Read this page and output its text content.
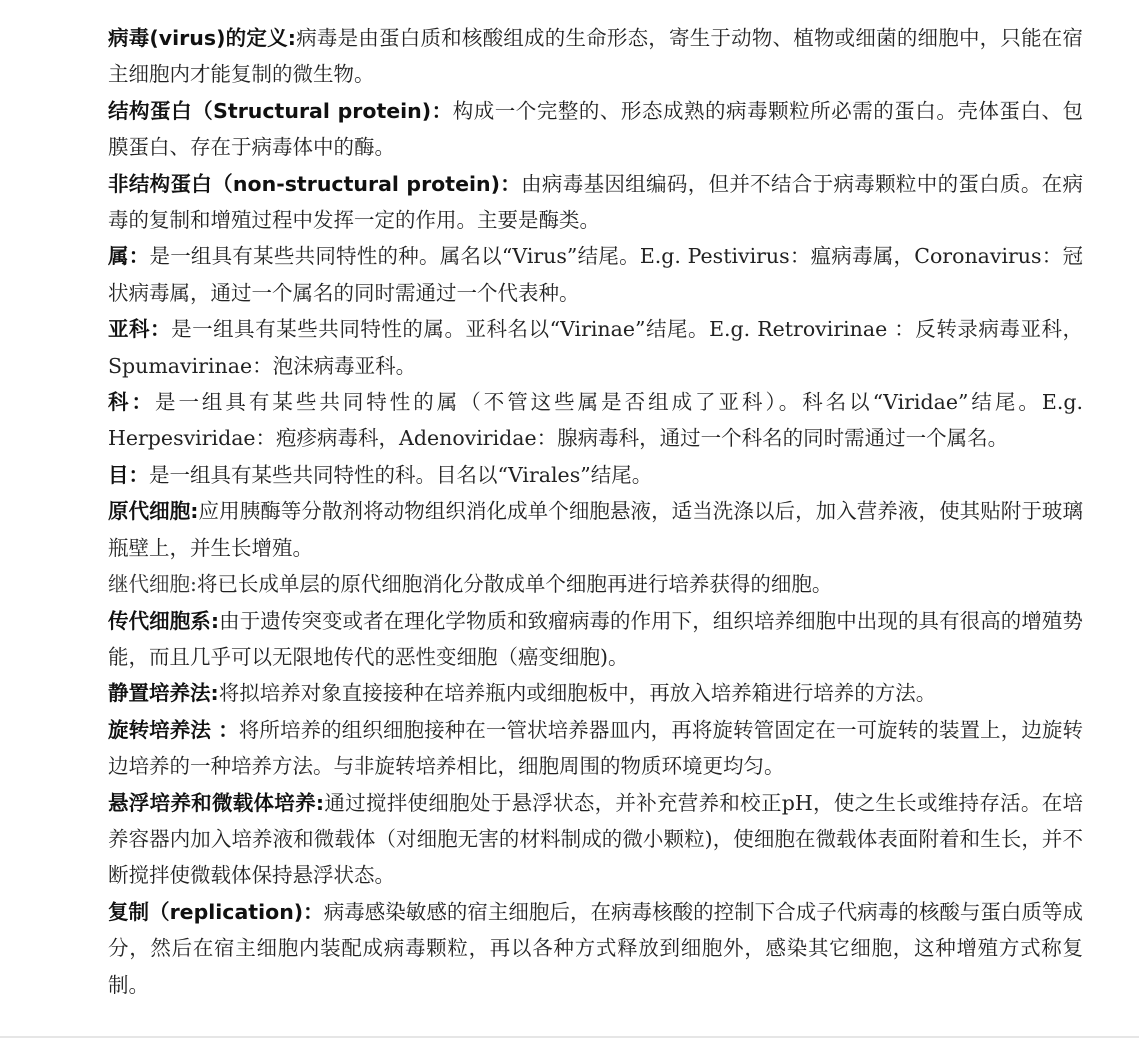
病毒(virus)的定义:病毒是由蛋白质和核酸组成的生命形态，寄生于动物、植物或细菌的细胞中，只能在宿主细胞内才能复制的微生物。

结构蛋白（Structural protein)：构成一个完整的、形态成熟的病毒颗粒所必需的蛋白。壳体蛋白、包膜蛋白、存在于病毒体中的酶。

非结构蛋白（non-structural protein)：由病毒基因组编码，但并不结合于病毒颗粒中的蛋白质。在病毒的复制和增殖过程中发挥一定的作用。主要是酶类。

属：是一组具有某些共同特性的种。属名以“Virus”结尾。E.g. Pestivirus：瘟病毒属，Coronavirus：冠状病毒属，通过一个属名的同时需通过一个代表种。

亚科：是一组具有某些共同特性的属。亚科名以“Virinae”结尾。E.g. Retrovirinae ：反转录病毒亚科，Spumavirinae：泡沫病毒亚科。

科：是一组具有某些共同特性的属（不管这些属是否组成了亚科）。科名以“Viridae”结尾。E.g. Herpesviridae：疱疹病毒科，Adenoviridae：腺病毒科，通过一个科名的同时需通过一个属名。

目：是一组具有某些共同特性的科。目名以“Virales”结尾。

原代细胞:应用胰酶等分散剂将动物组织消化成单个细胞悬液，适当洗涤以后，加入营养液，使其贴附于玻璃瓶壁上，并生长增殖。

继代细胞:将已长成单层的原代细胞消化分散成单个细胞再进行培养获得的细胞。

传代细胞系:由于遗传突变或者在理化学物质和致瘤病毒的作用下，组织培养细胞中出现的具有很高的增殖势能，而且几乎可以无限地传代的恶性变细胞（癌变细胞)。

静置培养法:将拟培养对象直接接种在培养瓶内或细胞板中，再放入培养箱进行培养的方法。

旋转培养法 ：将所培养的组织细胞接种在一管状培养器皿内，再将旋转管固定在一可旋转的装置上，边旋转边培养的一种培养方法。与非旋转培养相比，细胞周围的物质环境更均匀。

悬浮培养和微载体培养:通过搅拌使细胞处于悬浮状态，并补充营养和校正pH，使之生长或维持存活。在培养容器内加入培养液和微载体（对细胞无害的材料制成的微小颗粒)，使细胞在微载体表面附着和生长，并不断搅拌使微载体保持悬浮状态。

复制（replication)：病毒感染敏感的宿主细胞后，在病毒核酸的控制下合成子代病毒的核酸与蛋白质等成分，然后在宿主细胞内装配成病毒颗粒，再以各种方式释放到细胞外，感染其它细胞，这种增殖方式称复制。
